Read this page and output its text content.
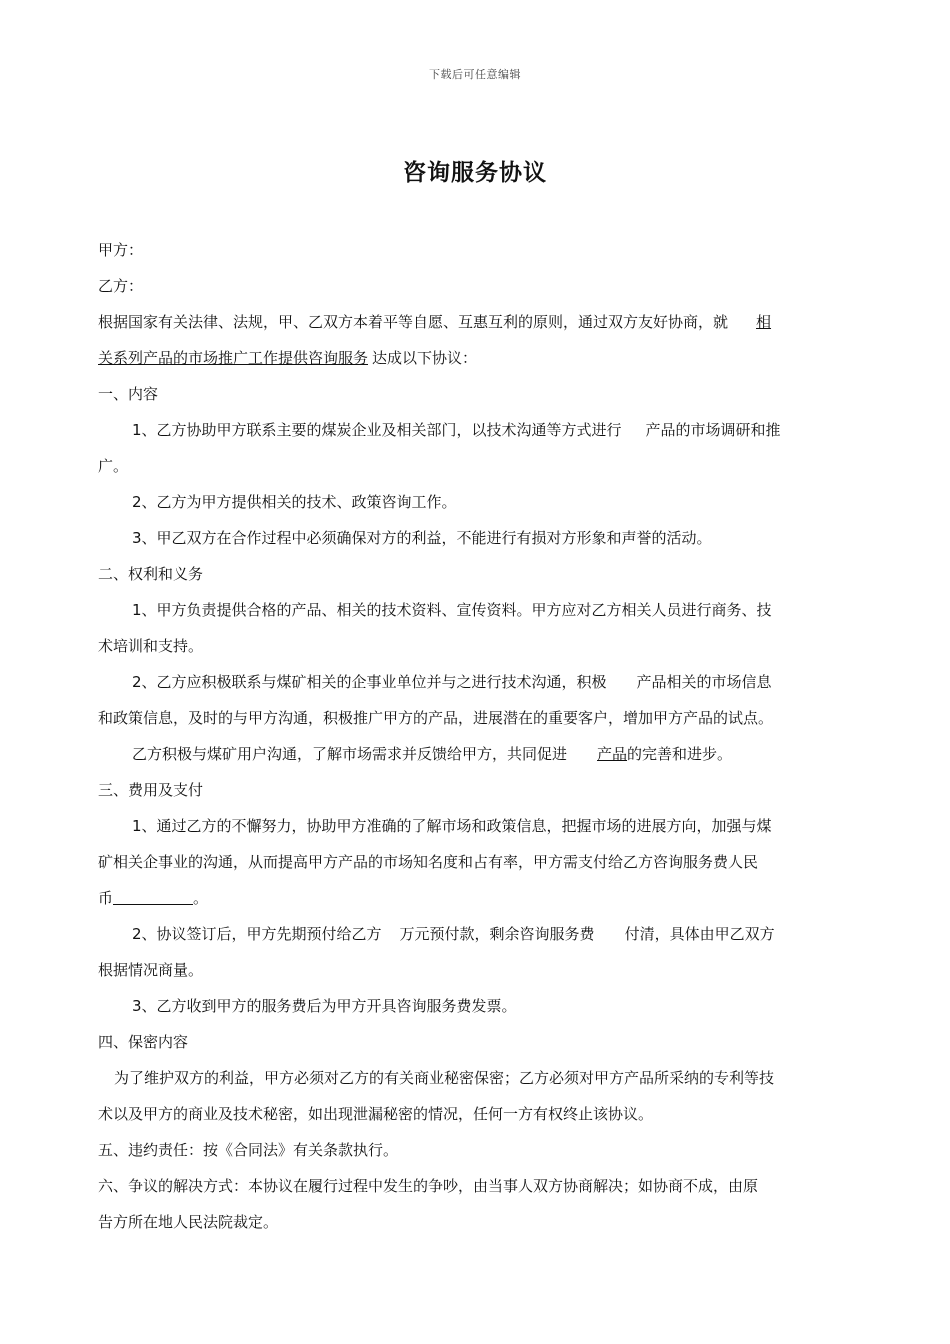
下载后可任意编辑
咨询服务协议
甲方：
乙方：
根据国家有关法律、法规，甲、乙双方本着平等自愿、互惠互利的原则，通过双方友好协商，就 相
关系列产品的市场推广工作提供咨询服务 达成以下协议：
一、内容
1、乙方协助甲方联系主要的煤炭企业及相关部门，以技术沟通等方式进行 产品的市场调研和推
广。
2、乙方为甲方提供相关的技术、政策咨询工作。
3、甲乙双方在合作过程中必须确保对方的利益，不能进行有损对方形象和声誉的活动。
二、权利和义务
1、甲方负责提供合格的产品、相关的技术资料、宣传资料。甲方应对乙方相关人员进行商务、技
术培训和支持。
2、乙方应积极联系与煤矿相关的企事业单位并与之进行技术沟通，积极 产品相关的市场信息
和政策信息，及时的与甲方沟通，积极推广甲方的产品，进展潜在的重要客户，增加甲方产品的试点。
乙方积极与煤矿用户沟通，了解市场需求并反馈给甲方，共同促进 产品的完善和进步。
三、费用及支付
1、通过乙方的不懈努力，协助甲方准确的了解市场和政策信息，把握市场的进展方向，加强与煤
矿相关企事业的沟通，从而提高甲方产品的市场知名度和占有率，甲方需支付给乙方咨询服务费人民
币	。
2、协议签订后，甲方先期预付给乙方 万元预付款，剩余咨询服务费 付清，具体由甲乙双方
根据情况商量。
3、乙方收到甲方的服务费后为甲方开具咨询服务费发票。
四、保密内容
为了维护双方的利益，甲方必须对乙方的有关商业秘密保密；乙方必须对甲方产品所采纳的专利等技
术以及甲方的商业及技术秘密，如出现泄漏秘密的情况，任何一方有权终止该协议。
五、违约责任：按《合同法》有关条款执行。
六、争议的解决方式：本协议在履行过程中发生的争吵，由当事人双方协商解决；如协商不成，由原
告方所在地人民法院裁定。
